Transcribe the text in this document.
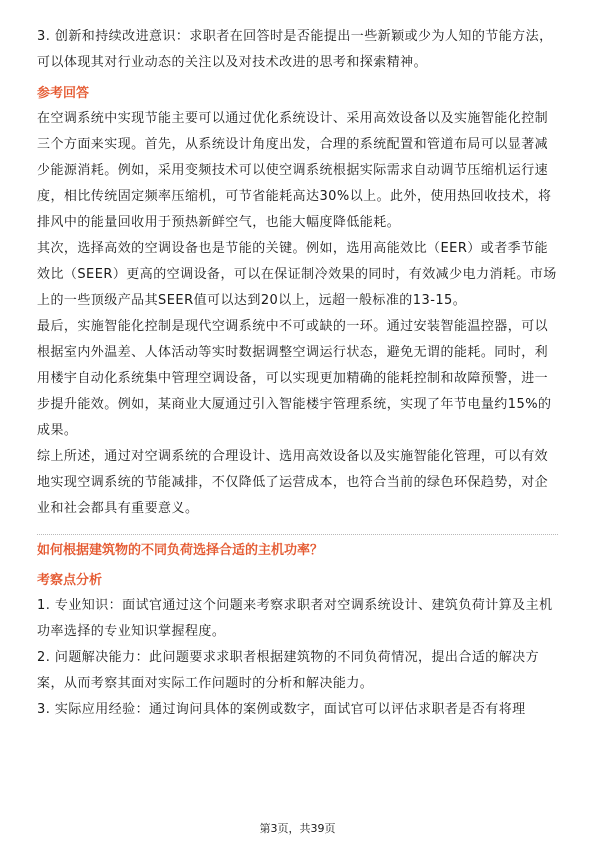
3. 创新和持续改进意识：求职者在回答时是否能提出一些新颖或少为人知的节能方法，可以体现其对行业动态的关注以及对技术改进的思考和探索精神。

参考回答

在空调系统中实现节能主要可以通过优化系统设计、采用高效设备以及实施智能化控制三个方面来实现。首先，从系统设计角度出发，合理的系统配置和管道布局可以显著减少能源消耗。例如，采用变频技术可以使空调系统根据实际需求自动调节压缩机运行速度，相比传统固定频率压缩机，可节省能耗高达30%以上。此外，使用热回收技术，将排风中的能量回收用于预热新鲜空气，也能大幅度降低能耗。

其次，选择高效的空调设备也是节能的关键。例如，选用高能效比（EER）或者季节能效比（SEER）更高的空调设备，可以在保证制冷效果的同时，有效减少电力消耗。市场上的一些顶级产品其SEER值可以达到20以上，远超一般标准的13-15。

最后，实施智能化控制是现代空调系统中不可或缺的一环。通过安装智能温控器，可以根据室内外温差、人体活动等实时数据调整空调运行状态，避免无谓的能耗。同时，利用楼宇自动化系统集中管理空调设备，可以实现更加精确的能耗控制和故障预警，进一步提升能效。例如，某商业大厦通过引入智能楼宇管理系统，实现了年节电量约15%的成果。

综上所述，通过对空调系统的合理设计、选用高效设备以及实施智能化管理，可以有效地实现空调系统的节能减排，不仅降低了运营成本，也符合当前的绿色环保趋势，对企业和社会都具有重要意义。

如何根据建筑物的不同负荷选择合适的主机功率？
考察点分析

1. 专业知识：面试官通过这个问题来考察求职者对空调系统设计、建筑负荷计算及主机功率选择的专业知识掌握程度。

2. 问题解决能力：此问题要求求职者根据建筑物的不同负荷情况，提出合适的解决方案，从而考察其面对实际工作问题时的分析和解决能力。

3. 实际应用经验：通过询问具体的案例或数字，面试官可以评估求职者是否有将理

第3页，共39页
